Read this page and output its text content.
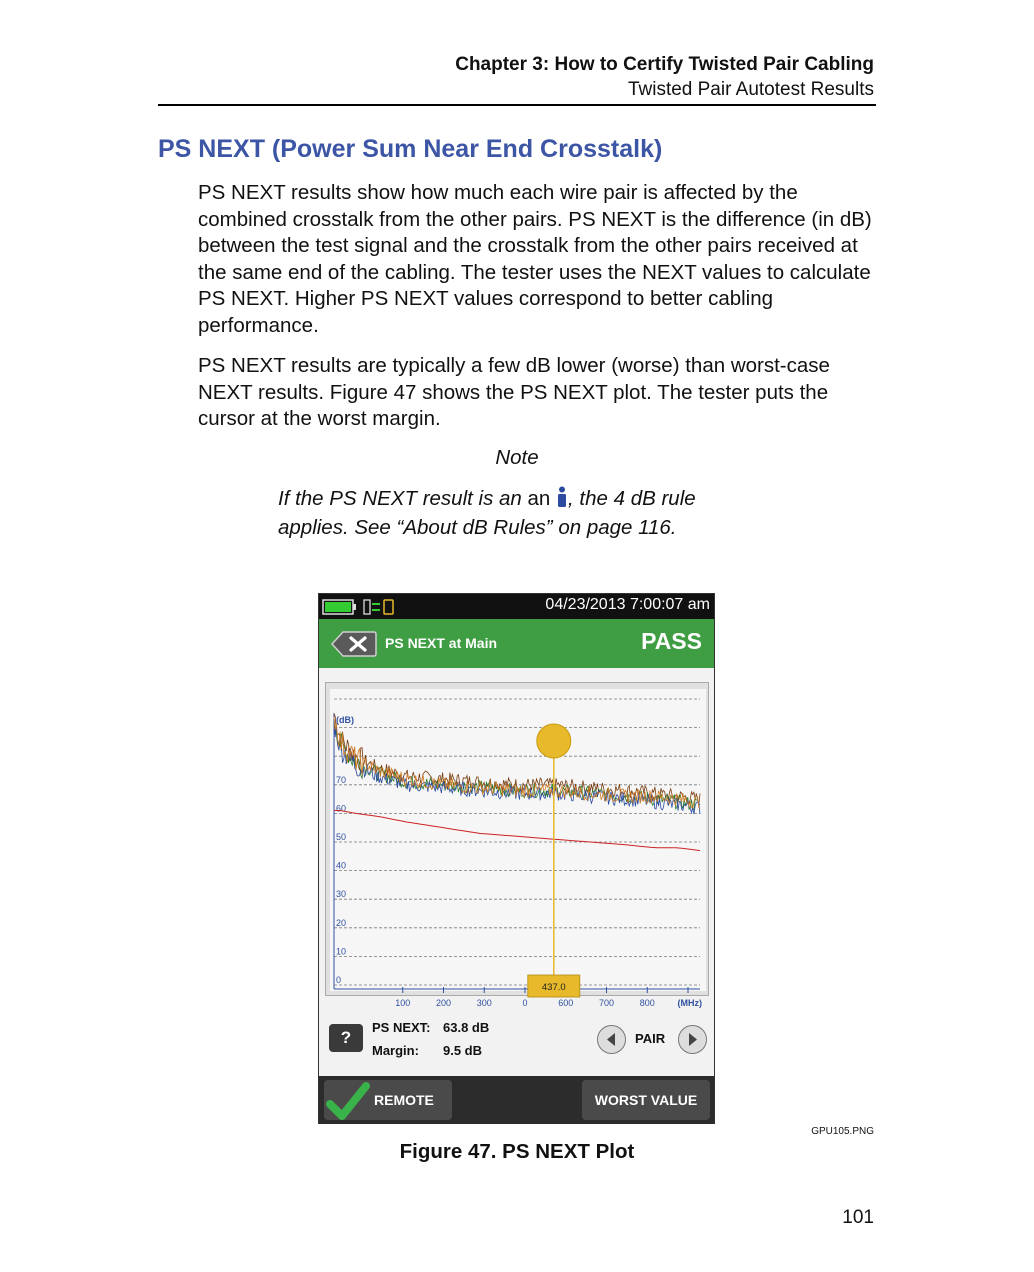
Chapter 3: How to Certify Twisted Pair Cabling
Twisted Pair Autotest Results
PS NEXT (Power Sum Near End Crosstalk)

PS NEXT results show how much each wire pair is affected by the combined crosstalk from the other pairs. PS NEXT is the difference (in dB) between the test signal and the crosstalk from the other pairs received at the same end of the cabling. The tester uses the NEXT values to calculate PS NEXT. Higher PS NEXT values correspond to better cabling performance.

PS NEXT results are typically a few dB lower (worse) than worst-case NEXT results. Figure 47 shows the PS NEXT plot. The tester puts the cursor at the worst margin.

Note
If the PS NEXT result is an an , the 4 dB rule applies. See “About dB Rules” on page 116.
04/23/2013 7:00:07 am
PS NEXT at Main	PASS
0
10
20
30
40
50
60
70
(dB)
100	200	300	0	600	700	800	(MHz)
437.0
?
PS NEXT: 63.8 dB
Margin: 9.5 dB
PAIR
REMOTE	WORST VALUE
GPU105.PNG
Figure 47. PS NEXT Plot
101
